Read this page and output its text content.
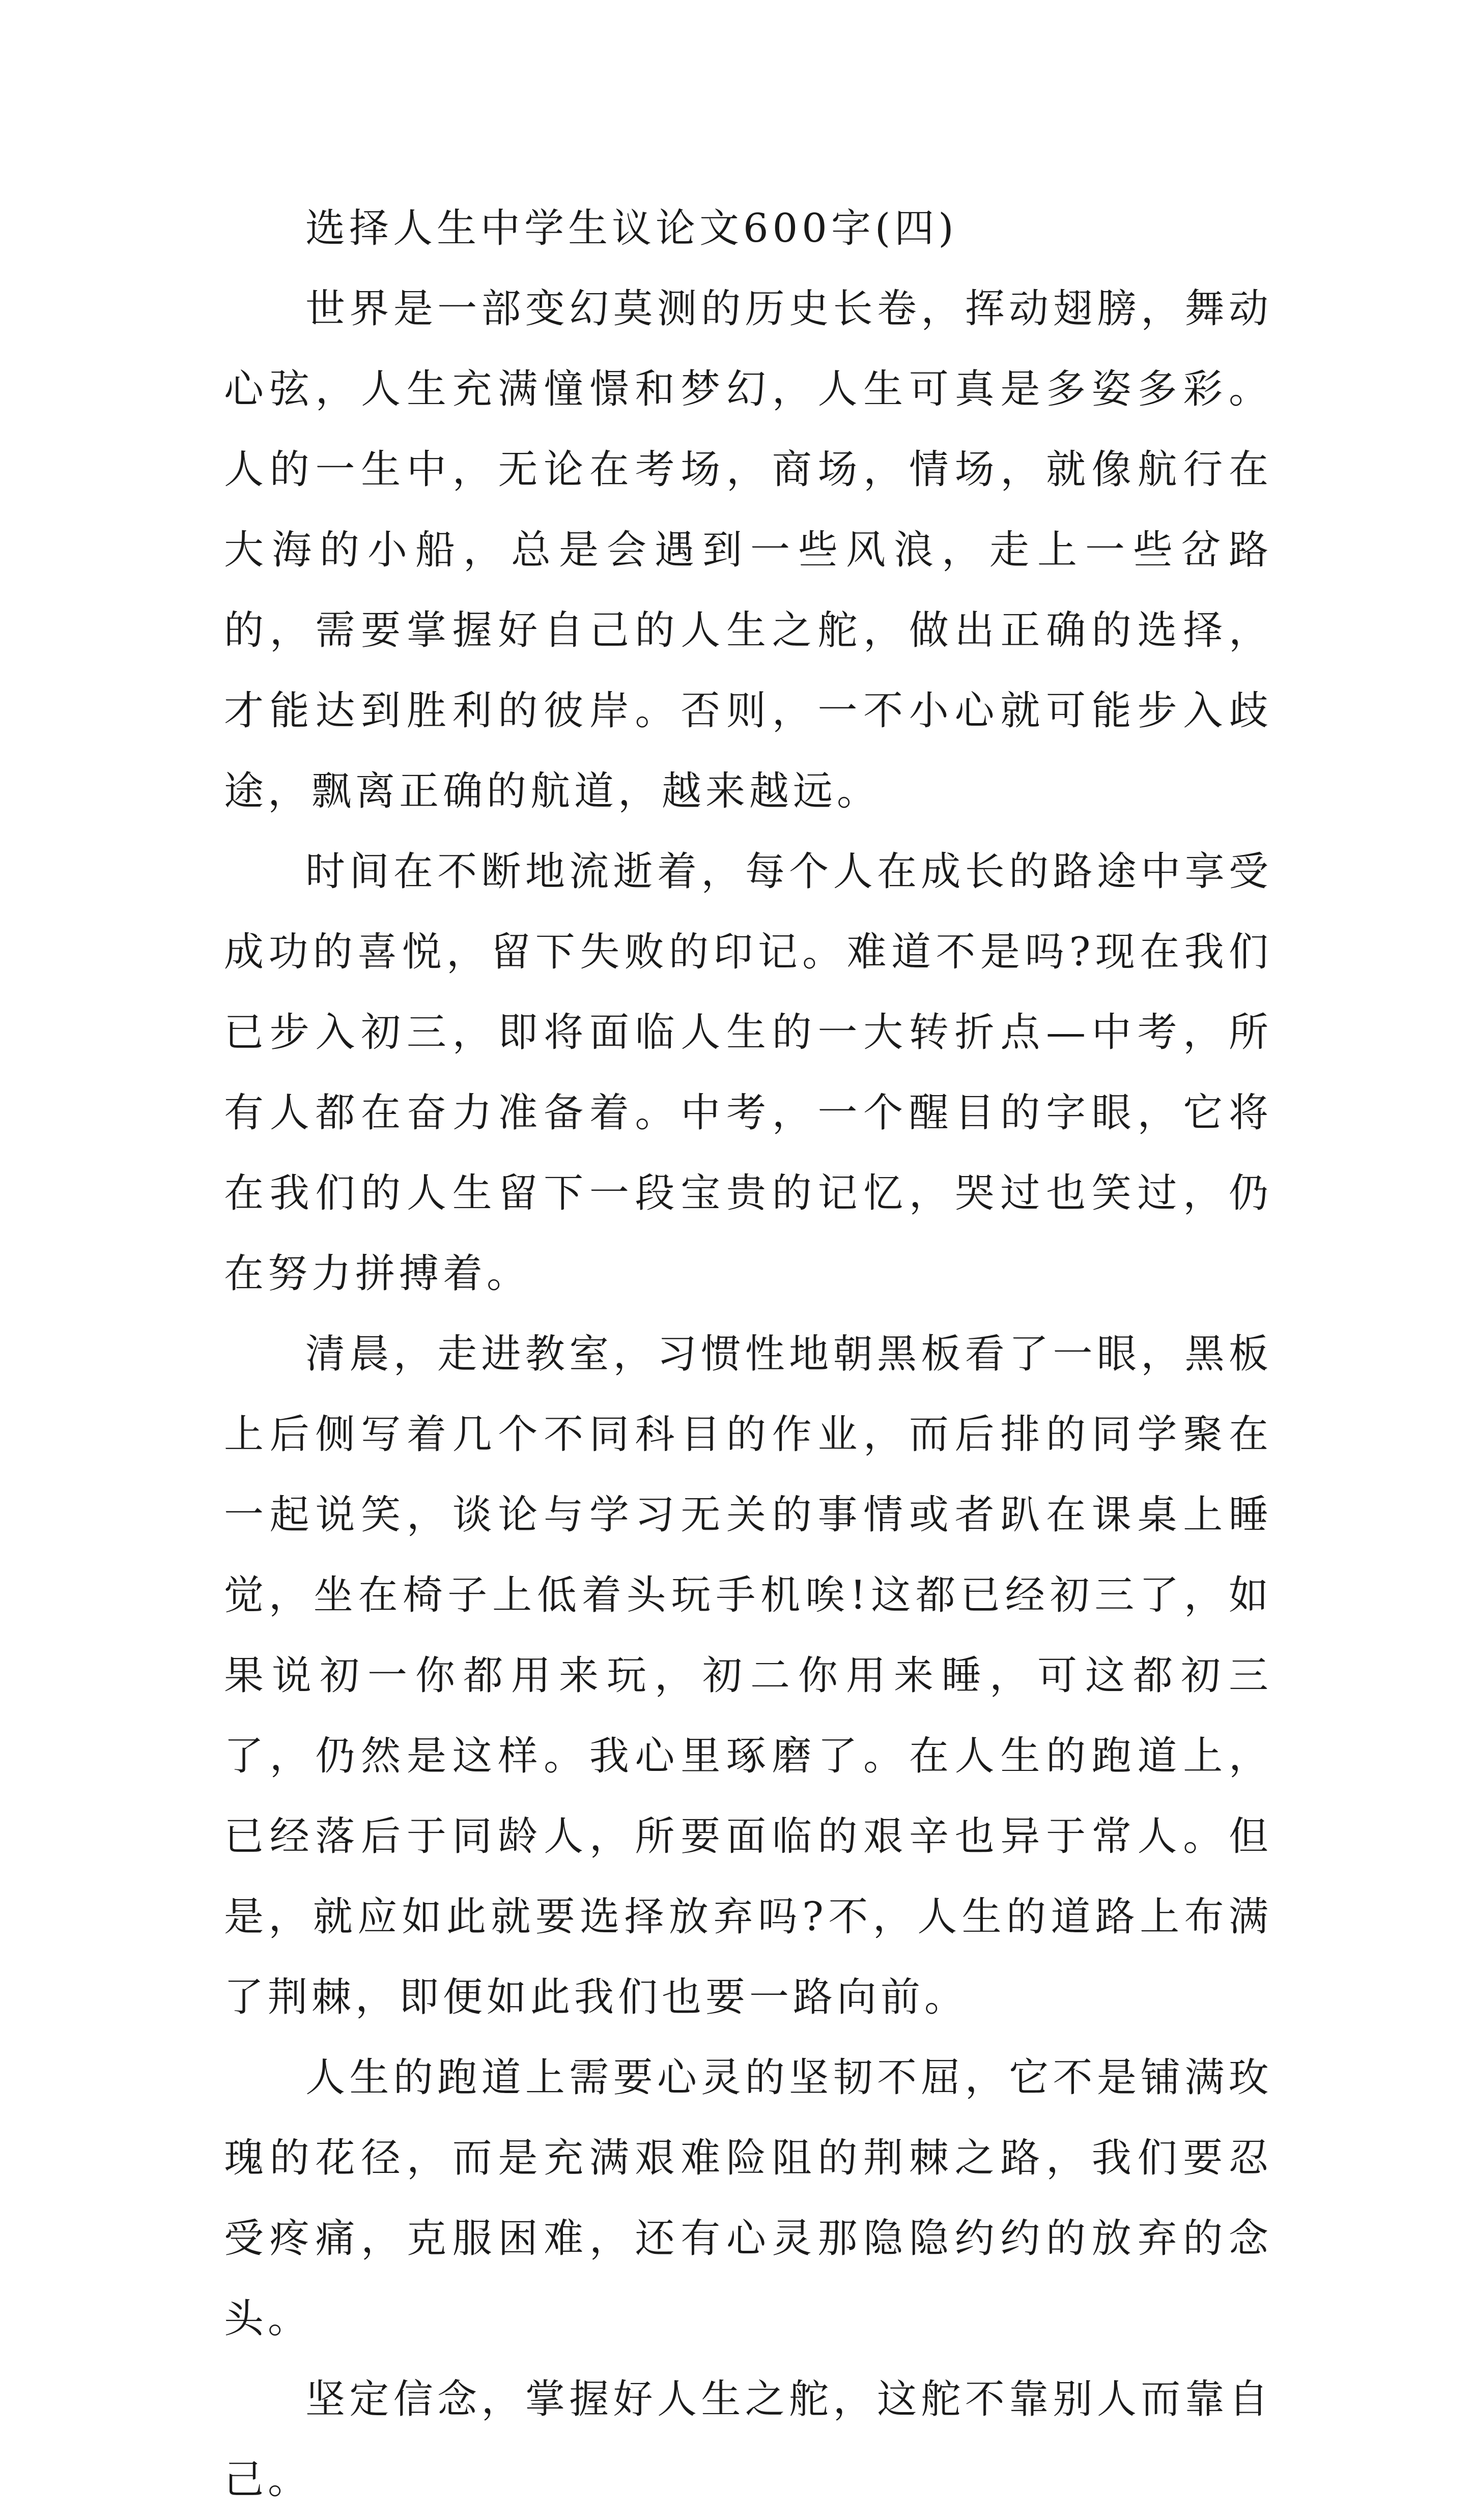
选择人生中学生议论文600字(四)

世界是一部变幻莫测的历史长卷，挥动翅膀，舞动心弦，人生充满憧憬和梦幻，人生可真是多姿多彩。人的一生中，无论在考场，商场，情场，就像航行在大海的小船，总是会遇到一些风浪，走上一些岔路的，需要掌握好自己的人生之舵，做出正确的选择，才能达到胜利的彼岸。否则，一不小心就可能步入歧途，飘离正确的航道，越来越远。

时间在不断地流逝着，每个人在成长的路途中享受成功的喜悦，留下失败的印记。难道不是吗?现在我们已步入初三，即将面临人生的一大转折点—中考，所有人都在奋力准备着。中考，一个醒目的字眼，它将在我们的人生留下一段宝贵的记忆，哭过也笑过，仍在努力拼搏着。

清晨，走进教室，习惯性地朝黑板看了一眼，黑板上后侧写着几个不同科目的作业，而后排的同学聚在一起说笑，谈论与学习无关的事情或者趴在课桌上睡觉，坐在椅子上低着头玩手机唉!这都已经初三了，如果说初一你都用来玩，初二你用来睡，可这都初三了，仍然是这样。我心里琢磨了。在人生的跑道上，已经落后于同龄人，所要面临的艰辛也异于常人。但是，就应如此就要选择放弃吗?不，人生的道路上布满了荆棘，即便如此我们也要一路向前。

人生的跑道上需要心灵的坚韧不屈，它不是铺满玫瑰的花径，而是充满艰难险阻的荆棘之路，我们要忍受疼痛，克服困难，还有心灵那隐隐约约的放弃的念头。

坚定信念，掌握好人生之舵，这舵不靠别人而靠自己。
